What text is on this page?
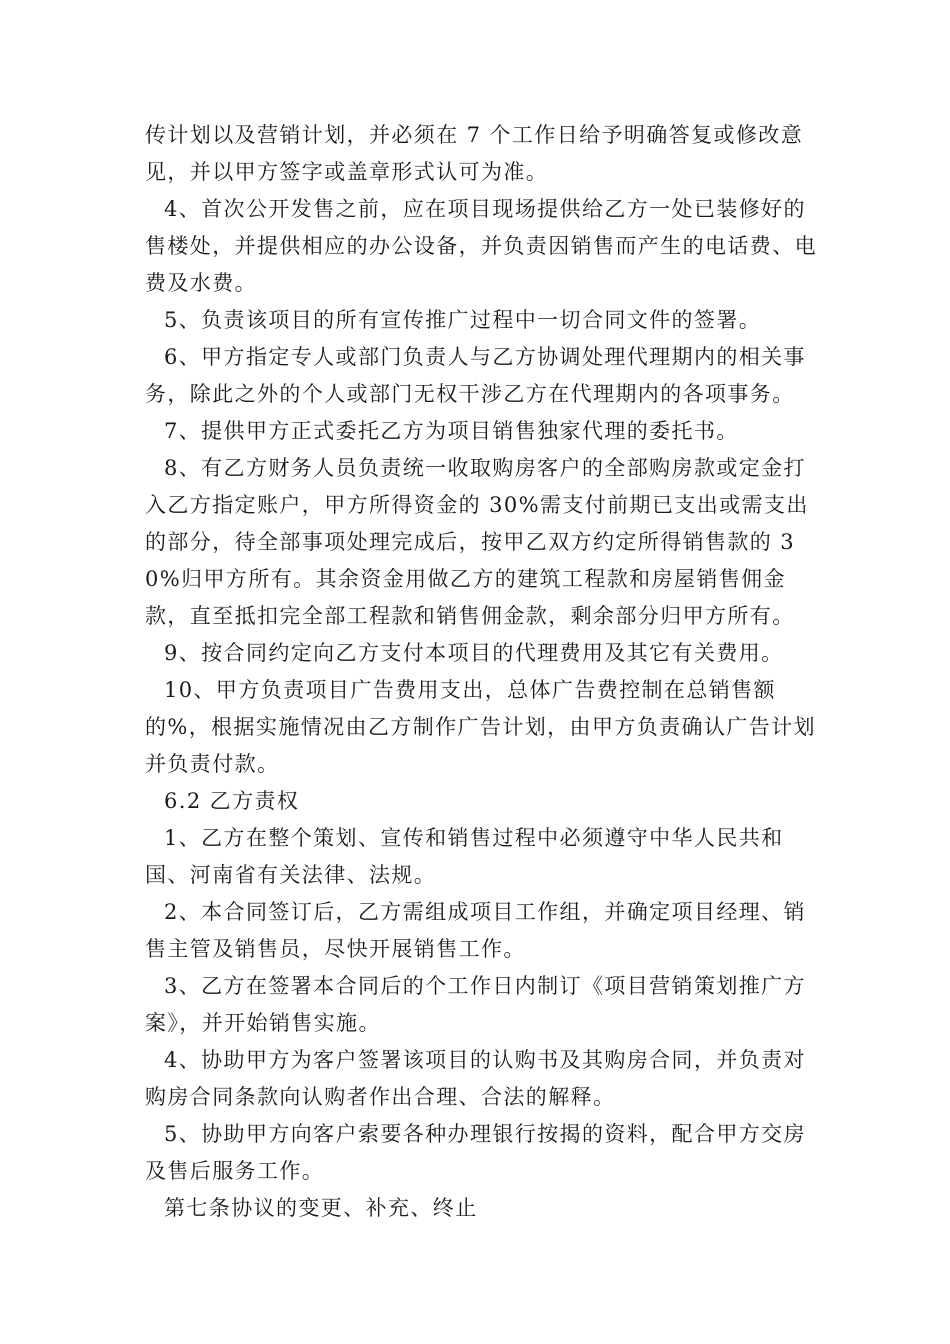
传计划以及营销计划，并必须在 7 个工作日给予明确答复或修改意见，并以甲方签字或盖章形式认可为准。

4、首次公开发售之前，应在项目现场提供给乙方一处已装修好的售楼处，并提供相应的办公设备，并负责因销售而产生的电话费、电费及水费。

5、负责该项目的所有宣传推广过程中一切合同文件的签署。

6、甲方指定专人或部门负责人与乙方协调处理代理期内的相关事务，除此之外的个人或部门无权干涉乙方在代理期内的各项事务。

7、提供甲方正式委托乙方为项目销售独家代理的委托书。

8、有乙方财务人员负责统一收取购房客户的全部购房款或定金打入乙方指定账户，甲方所得资金的 30%需支付前期已支出或需支出的部分，待全部事项处理完成后，按甲乙双方约定所得销售款的 30%归甲方所有。其余资金用做乙方的建筑工程款和房屋销售佣金款，直至抵扣完全部工程款和销售佣金款，剩余部分归甲方所有。

9、按合同约定向乙方支付本项目的代理费用及其它有关费用。

10、甲方负责项目广告费用支出，总体广告费控制在总销售额的%，根据实施情况由乙方制作广告计划，由甲方负责确认广告计划并负责付款。

6.2 乙方责权

1、乙方在整个策划、宣传和销售过程中必须遵守中华人民共和国、河南省有关法律、法规。

2、本合同签订后，乙方需组成项目工作组，并确定项目经理、销售主管及销售员，尽快开展销售工作。

3、乙方在签署本合同后的个工作日内制订《项目营销策划推广方案》，并开始销售实施。

4、协助甲方为客户签署该项目的认购书及其购房合同，并负责对购房合同条款向认购者作出合理、合法的解释。

5、协助甲方向客户索要各种办理银行按揭的资料，配合甲方交房及售后服务工作。

第七条协议的变更、补充、终止
